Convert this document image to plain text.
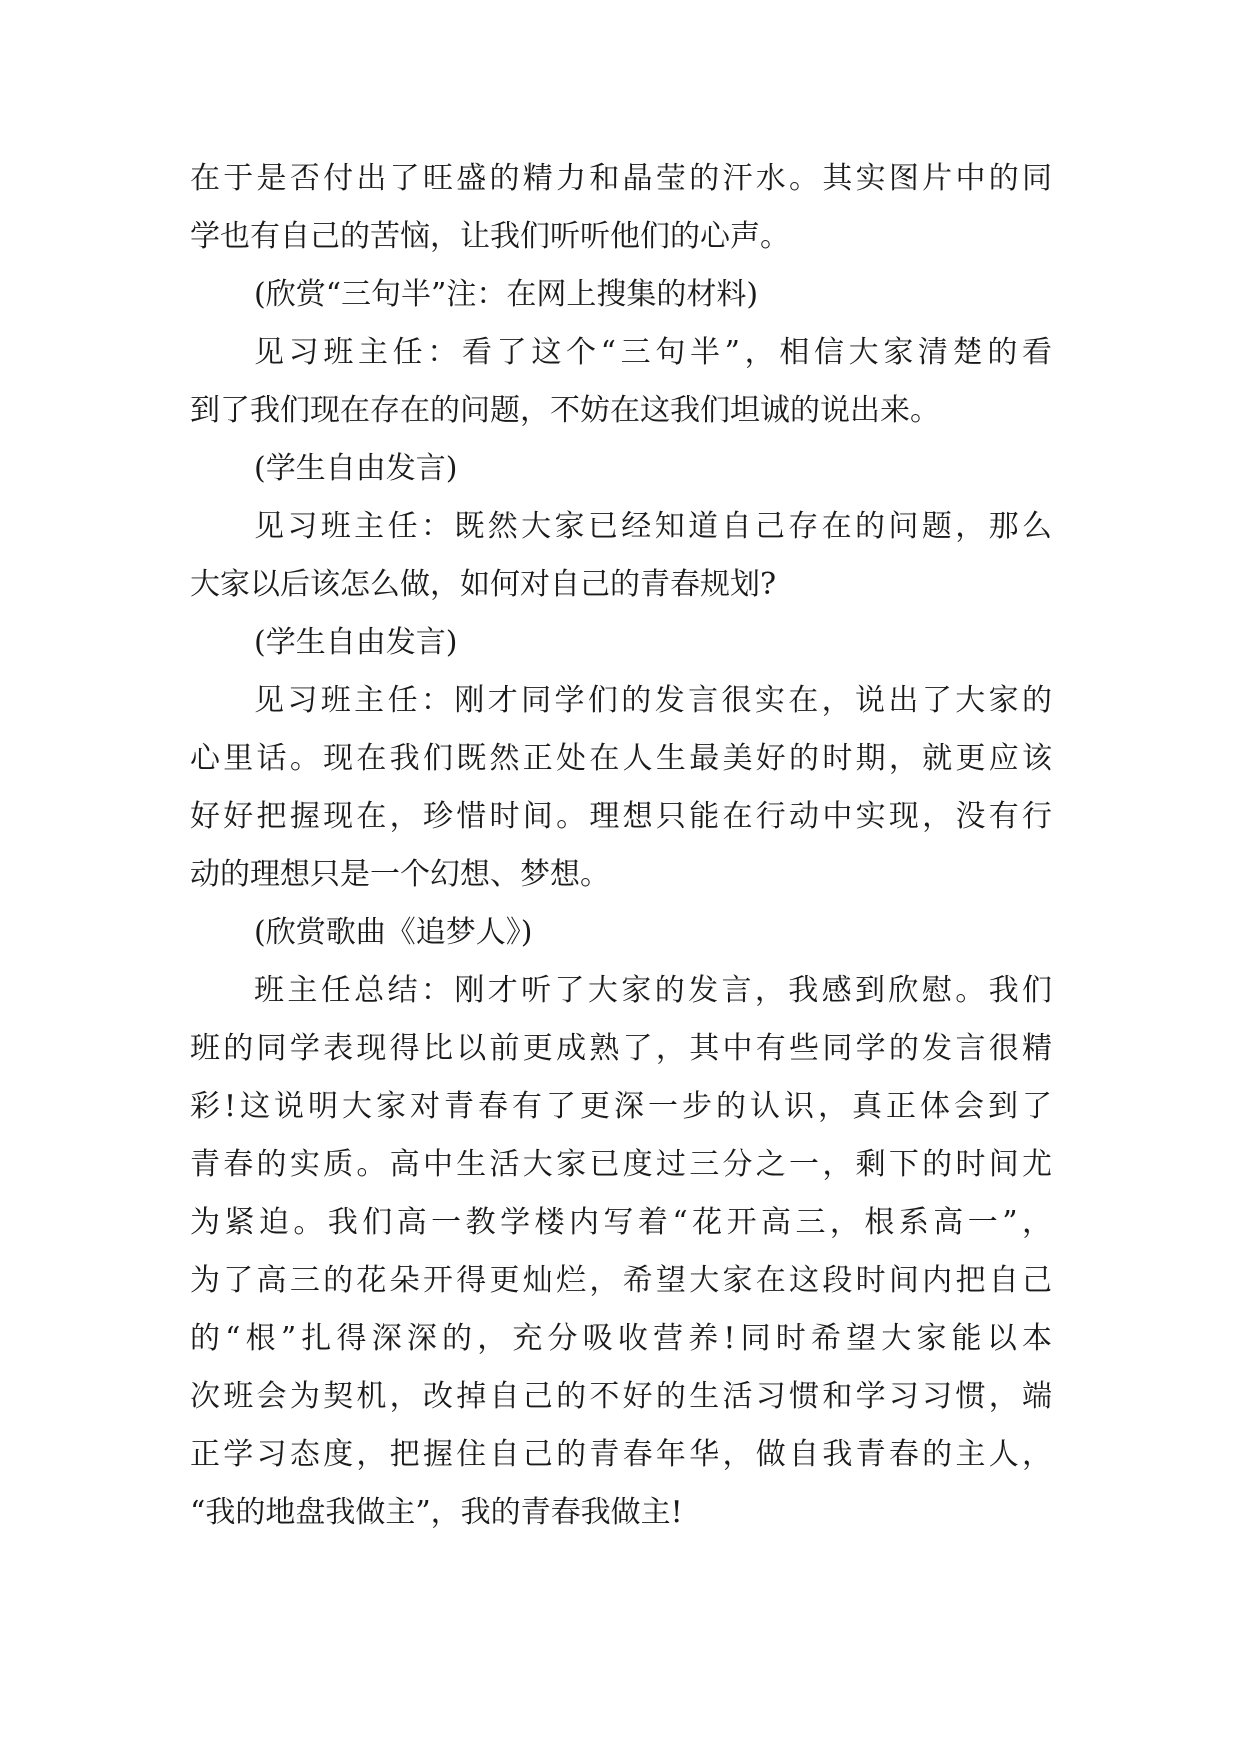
在于是否付出了旺盛的精力和晶莹的汗水。其实图片中的同
学也有自己的苦恼，让我们听听他们的心声。
(欣赏“三句半”注：在网上搜集的材料)
见习班主任：看了这个“三句半”，相信大家清楚的看
到了我们现在存在的问题，不妨在这我们坦诚的说出来。
(学生自由发言)
见习班主任：既然大家已经知道自己存在的问题，那么
大家以后该怎么做，如何对自己的青春规划?
(学生自由发言)
见习班主任：刚才同学们的发言很实在，说出了大家的
心里话。现在我们既然正处在人生最美好的时期，就更应该
好好把握现在，珍惜时间。理想只能在行动中实现，没有行
动的理想只是一个幻想、梦想。
(欣赏歌曲《追梦人》)
班主任总结：刚才听了大家的发言，我感到欣慰。我们
班的同学表现得比以前更成熟了，其中有些同学的发言很精
彩!这说明大家对青春有了更深一步的认识，真正体会到了
青春的实质。高中生活大家已度过三分之一，剩下的时间尤
为紧迫。我们高一教学楼内写着“花开高三，根系高一”，
为了高三的花朵开得更灿烂，希望大家在这段时间内把自己
的“根”扎得深深的，充分吸收营养!同时希望大家能以本
次班会为契机，改掉自己的不好的生活习惯和学习习惯，端
正学习态度，把握住自己的青春年华，做自我青春的主人，
“我的地盘我做主”，我的青春我做主!
